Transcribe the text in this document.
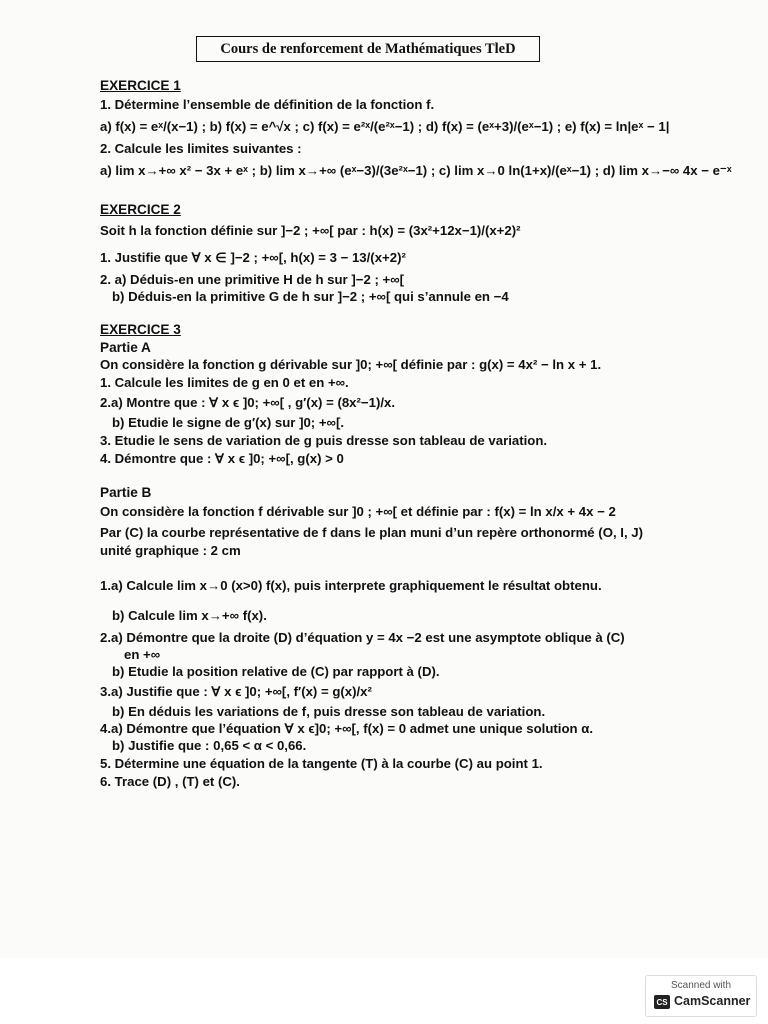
Cours de renforcement de Mathématiques TleD
EXERCICE 1
1. Détermine l’ensemble de définition de la fonction f.
a) f(x) = eˣ/(x−1) ; b) f(x) = e^√x ; c) f(x) = e²ˣ/(e²ˣ−1) ; d) f(x) = (eˣ+3)/(eˣ−1) ; e) f(x) = ln|eˣ − 1|
2. Calcule les limites suivantes :
a) lim x→+∞ x² − 3x + eˣ ; b) lim x→+∞ (eˣ−3)/(3e²ˣ−1) ; c) lim x→0 ln(1+x)/(eˣ−1) ; d) lim x→−∞ 4x − e⁻ˣ
EXERCICE 2
Soit h la fonction définie sur ]−2 ; +∞[ par : h(x) = (3x²+12x−1)/(x+2)²
1. Justifie que ∀ x ∈ ]−2 ; +∞[, h(x) = 3 − 13/(x+2)²
2. a) Déduis-en une primitive H de h sur ]−2 ; +∞[
b) Déduis-en la primitive G de h sur ]−2 ; +∞[ qui s’annule en −4
EXERCICE 3
Partie A
On considère la fonction g dérivable sur ]0; +∞[ définie par : g(x) = 4x² − ln x + 1.
1. Calcule les limites de g en 0 et en +∞.
2.a) Montre que : ∀ x ϵ ]0; +∞[ , g′(x) = (8x²−1)/x.
b) Etudie le signe de g′(x) sur ]0; +∞[.
3. Etudie le sens de variation de g puis dresse son tableau de variation.
4. Démontre que : ∀ x ϵ ]0; +∞[, g(x) > 0
Partie B
On considère la fonction f dérivable sur ]0 ; +∞[ et définie par : f(x) = ln x/x + 4x − 2
Par (C) la courbe représentative de f dans le plan muni d’un repère orthonormé (O, I, J)
unité graphique : 2 cm
1.a) Calcule lim x→0 (x>0) f(x), puis interprete graphiquement le résultat obtenu.
b) Calcule lim x→+∞ f(x).
2.a) Démontre que la droite (D) d’équation y = 4x −2 est une asymptote oblique à (C)
en +∞
b) Etudie la position relative de (C) par rapport à (D).
3.a) Justifie que : ∀ x ϵ ]0; +∞[, f′(x) = g(x)/x²
b) En déduis les variations de f, puis dresse son tableau de variation.
4.a) Démontre que l’équation ∀ x ϵ]0; +∞[, f(x) = 0 admet une unique solution α.
b) Justifie que : 0,65 < α < 0,66.
5. Détermine une équation de la tangente (T) à la courbe (C) au point 1.
6. Trace (D) , (T) et (C).
Scanned with
CS CamScanner
